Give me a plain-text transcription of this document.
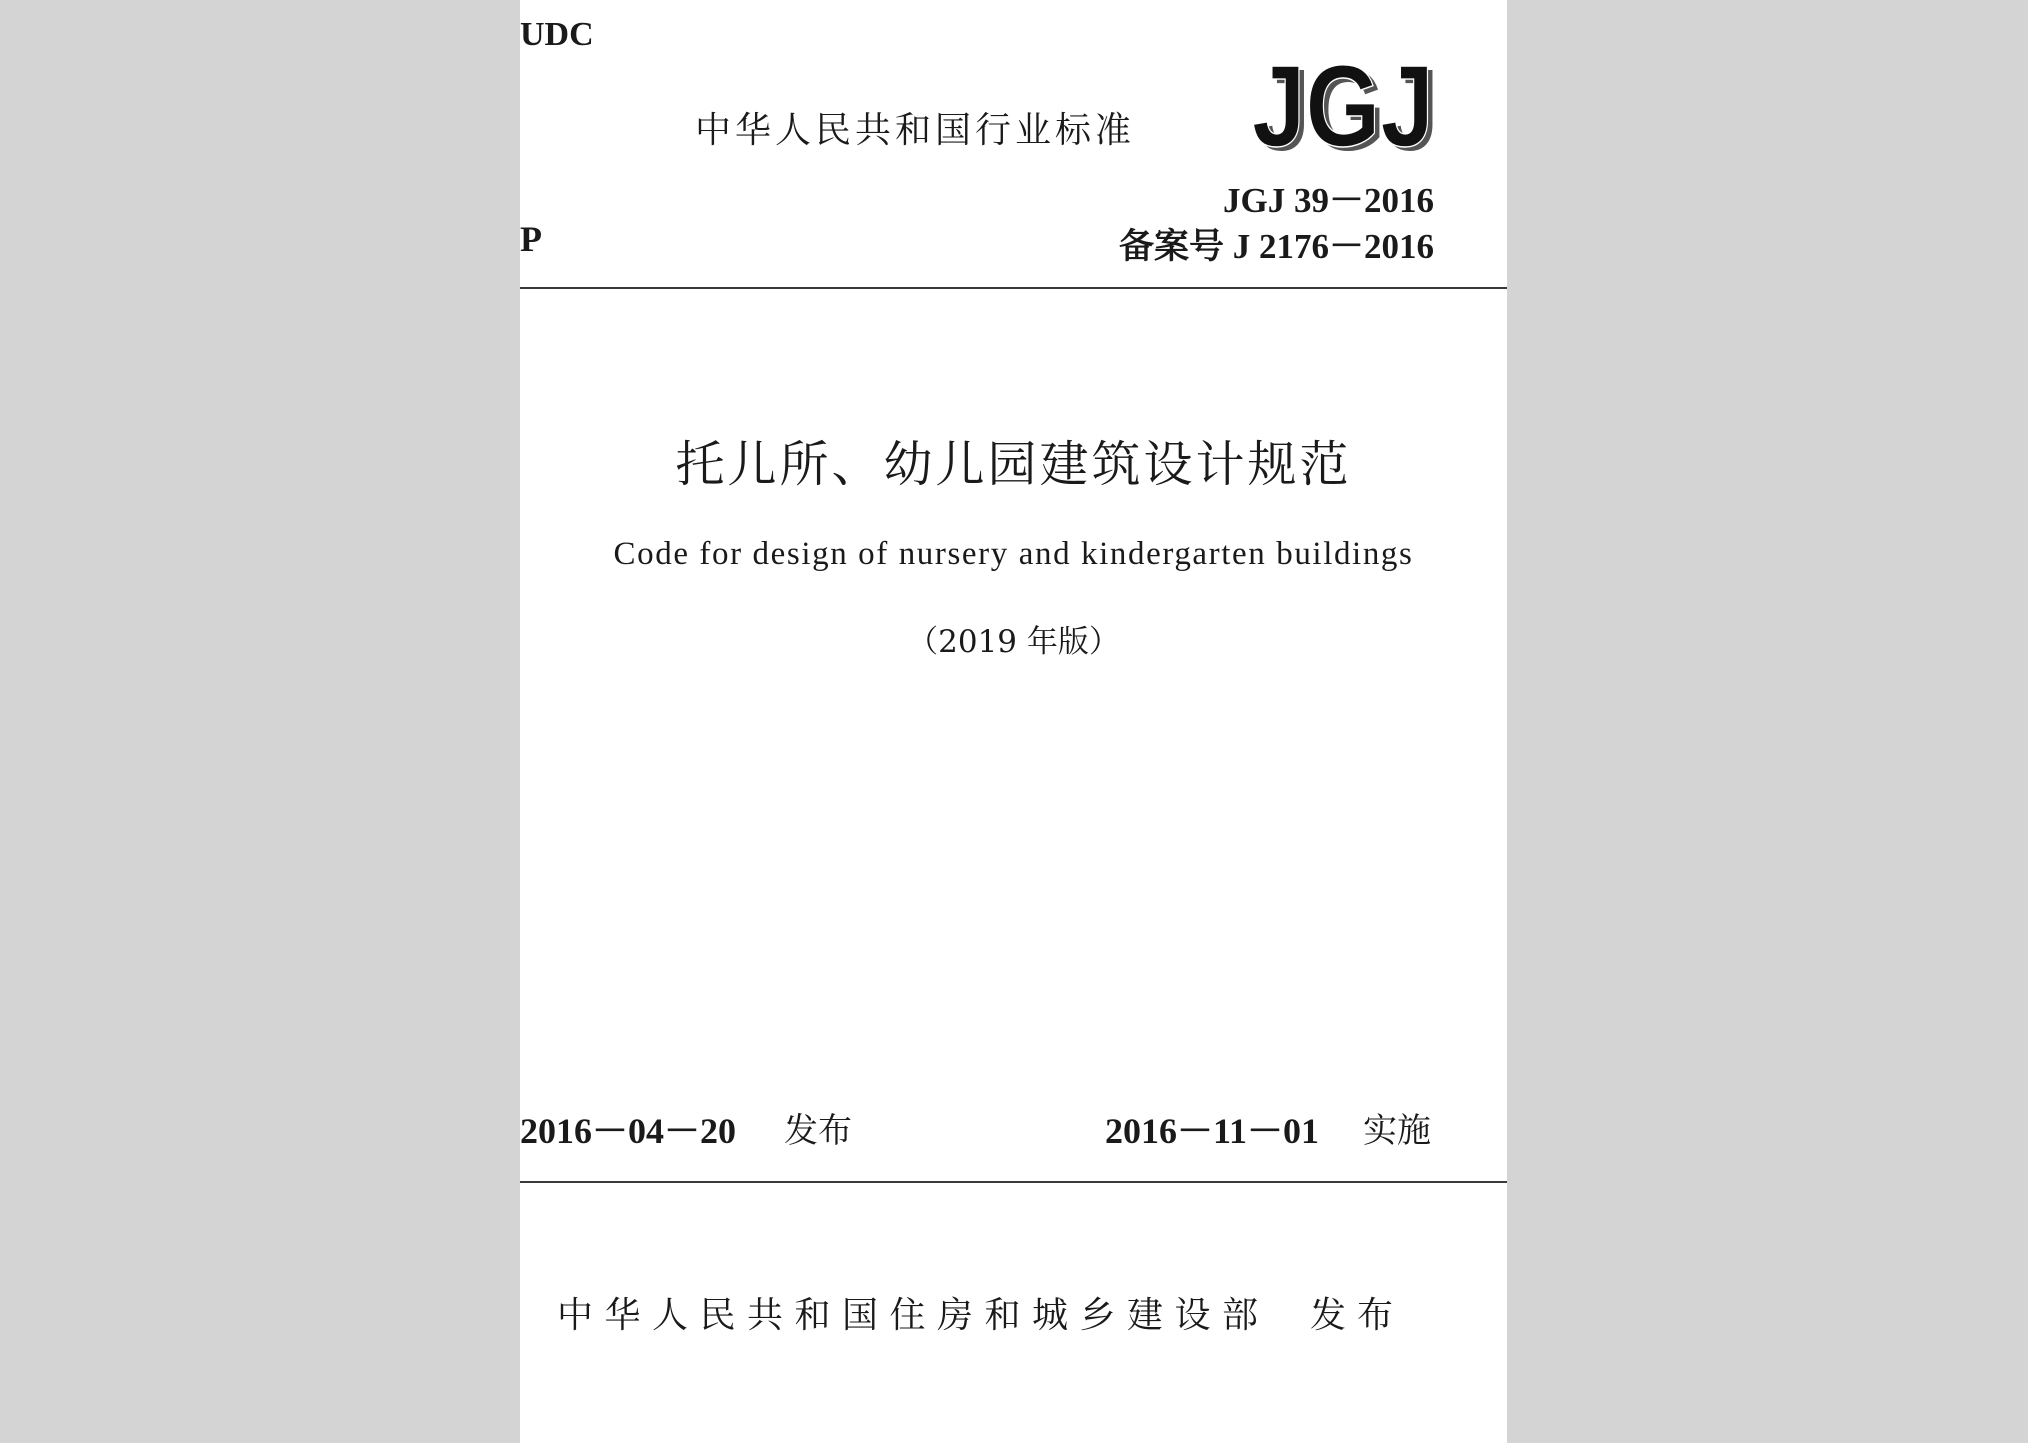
UDC
P
中华人民共和国行业标准 JGJ
JGJ
JGJ 39－2016
备案号 J 2176－2016
托儿所、幼儿园建筑设计规范
Code for design of nursery and kindergarten buildings
（2019 年版）
2016－04－20 发布	2016－11－01 实施
中华人民共和国住房和城乡建设部 发布
